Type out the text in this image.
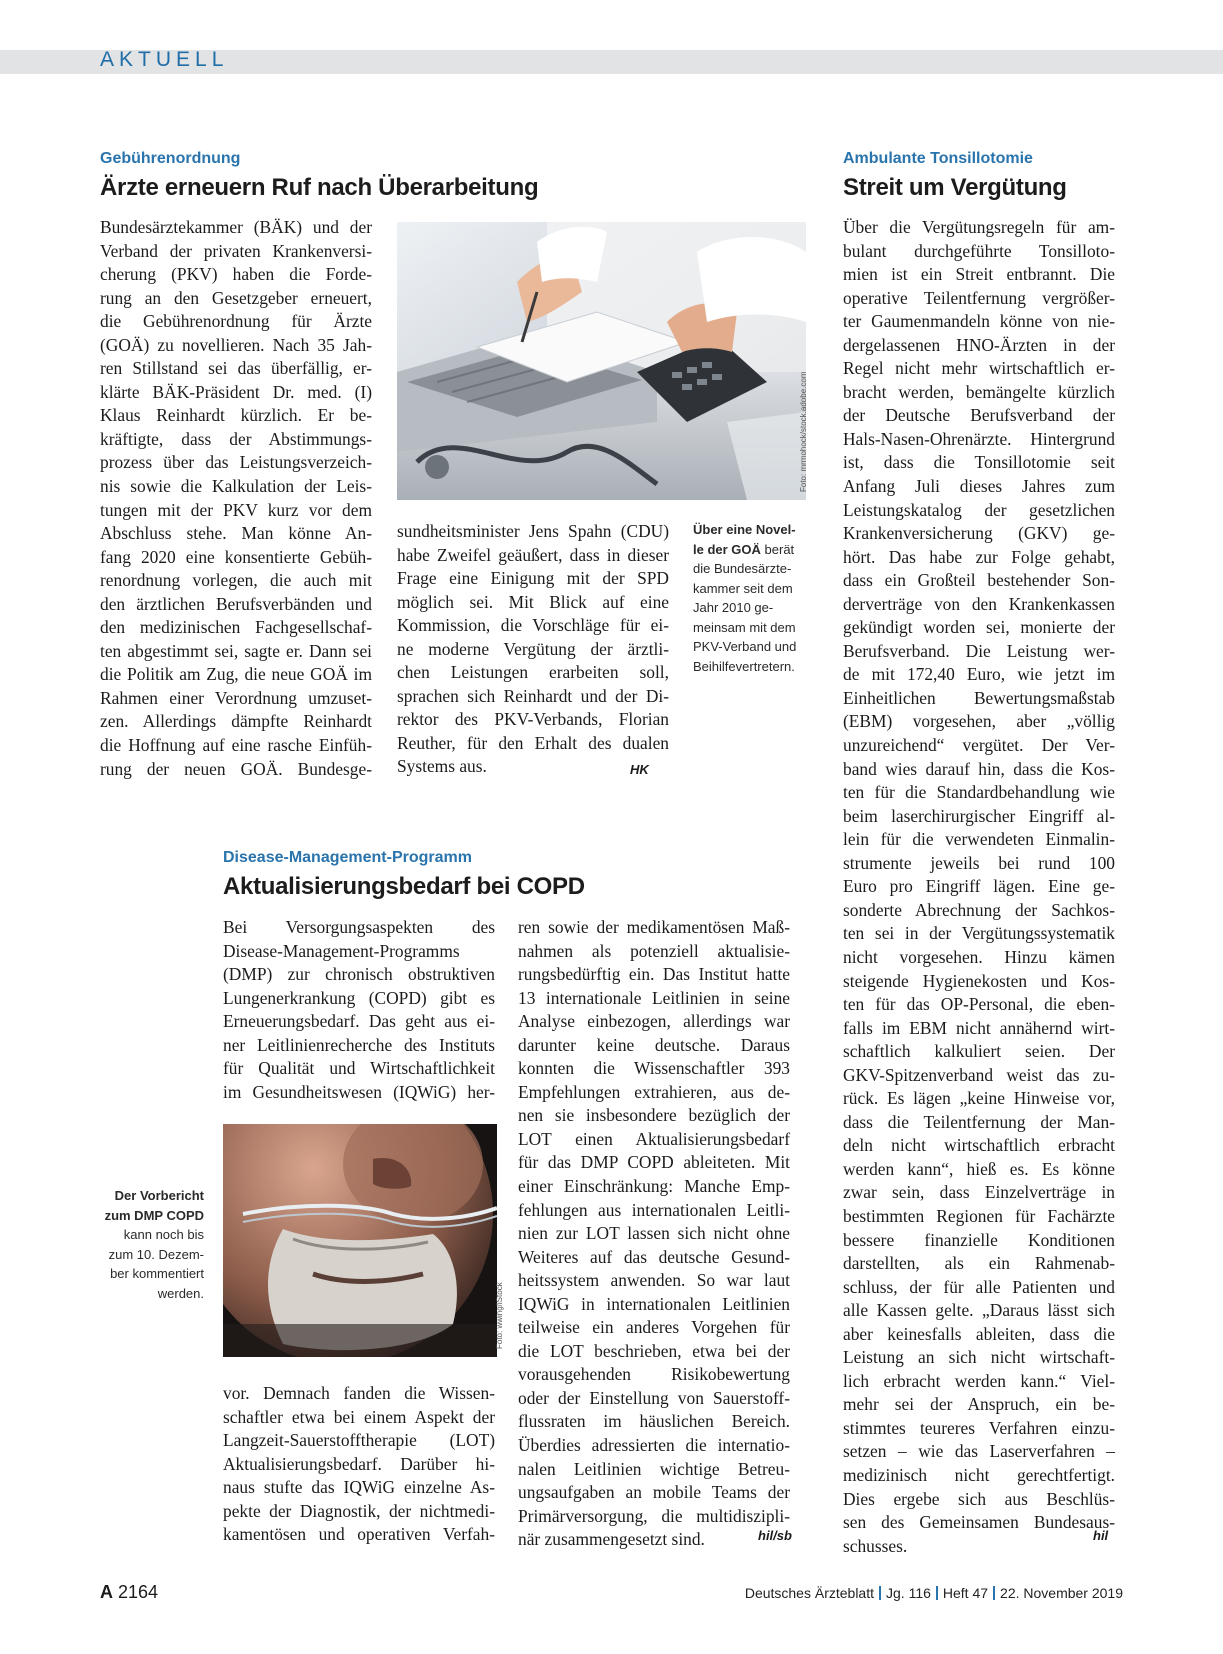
AKTUELL
Gebührenordnung
Ärzte erneuern Ruf nach Überarbeitung
Bundesärztekammer (BÄK) und der
Verband der privaten Krankenversi-
cherung (PKV) haben die Forde-
rung an den Gesetzgeber erneuert,
die Gebührenordnung für Ärzte
(GOÄ) zu novellieren. Nach 35 Jah-
ren Stillstand sei das überfällig, er-
klärte BÄK-Präsident Dr. med. (I)
Klaus Reinhardt kürzlich. Er be-
kräftigte, dass der Abstimmungs-
prozess über das Leistungsverzeich-
nis sowie die Kalkulation der Leis-
tungen mit der PKV kurz vor dem
Abschluss stehe. Man könne An-
fang 2020 eine konsentierte Gebüh-
renordnung vorlegen, die auch mit
den ärztlichen Berufsverbänden und
den medizinischen Fachgesellschaf-
ten abgestimmt sei, sagte er. Dann sei
die Politik am Zug, die neue GOÄ im
Rahmen einer Verordnung umzuset-
zen. Allerdings dämpfte Reinhardt
die Hoffnung auf eine rasche Einfüh-
rung der neuen GOÄ. Bundesge-
Foto: mrmohock/stock.adobe.com
sundheitsminister Jens Spahn (CDU)
habe Zweifel geäußert, dass in dieser
Frage eine Einigung mit der SPD
möglich sei. Mit Blick auf eine
Kommission, die Vorschläge für ei-
ne moderne Vergütung der ärztli-
chen Leistungen erarbeiten soll,
sprachen sich Reinhardt und der Di-
rektor des PKV-Verbands, Florian
Reuther, für den Erhalt des dualen
Systems aus.	HK
Über eine Novel-
le der GOÄ berät
die Bundesärzte-
kammer seit dem
Jahr 2010 ge-
meinsam mit dem
PKV-Verband und
Beihilfevertretern.
Ambulante Tonsillotomie
Streit um Vergütung
Über die Vergütungsregeln für am-
bulant durchgeführte Tonsilloto-
mien ist ein Streit entbrannt. Die
operative Teilentfernung vergrößer-
ter Gaumenmandeln könne von nie-
dergelassenen HNO-Ärzten in der
Regel nicht mehr wirtschaftlich er-
bracht werden, bemängelte kürzlich
der Deutsche Berufsverband der
Hals-Nasen-Ohrenärzte. Hintergrund
ist, dass die Tonsillotomie seit
Anfang Juli dieses Jahres zum
Leistungskatalog der gesetzlichen
Krankenversicherung (GKV) ge-
hört. Das habe zur Folge gehabt,
dass ein Großteil bestehender Son-
derverträge von den Krankenkassen
gekündigt worden sei, monierte der
Berufsverband. Die Leistung wer-
de mit 172,40 Euro, wie jetzt im
Einheitlichen Bewertungsmaßstab
(EBM) vorgesehen, aber „völlig
unzureichend“ vergütet. Der Ver-
band wies darauf hin, dass die Kos-
ten für die Standardbehandlung wie
beim laserchirurgischer Eingriff al-
lein für die verwendeten Einmalin-
strumente jeweils bei rund 100
Euro pro Eingriff lägen. Eine ge-
sonderte Abrechnung der Sachkos-
ten sei in der Vergütungssystematik
nicht vorgesehen. Hinzu kämen
steigende Hygienekosten und Kos-
ten für das OP-Personal, die eben-
falls im EBM nicht annähernd wirt-
schaftlich kalkuliert seien. Der
GKV-Spitzenverband weist das zu-
rück. Es lägen „keine Hinweise vor,
dass die Teilentfernung der Man-
deln nicht wirtschaftlich erbracht
werden kann“, hieß es. Es könne
zwar sein, dass Einzelverträge in
bestimmten Regionen für Fachärzte
bessere finanzielle Konditionen
darstellten, als ein Rahmenab-
schluss, der für alle Patienten und
alle Kassen gelte. „Daraus lässt sich
aber keinesfalls ableiten, dass die
Leistung an sich nicht wirtschaft-
lich erbracht werden kann.“ Viel-
mehr sei der Anspruch, ein be-
stimmtes teureres Verfahren einzu-
setzen – wie das Laserverfahren –
medizinisch nicht gerechtfertigt.
Dies ergebe sich aus Beschlüs-
sen des Gemeinsamen Bundesaus-
schusses.
hil
Disease-Management-Programm
Aktualisierungsbedarf bei COPD
Bei Versorgungsaspekten des
Disease-Management-Programms
(DMP) zur chronisch obstruktiven
Lungenerkrankung (COPD) gibt es
Erneuerungsbedarf. Das geht aus ei-
ner Leitlinienrecherche des Instituts
für Qualität und Wirtschaftlichkeit
im Gesundheitswesen (IQWiG) her-
Foto: wwing/iStock
vor. Demnach fanden die Wissen-
schaftler etwa bei einem Aspekt der
Langzeit-Sauerstofftherapie (LOT)
Aktualisierungsbedarf. Darüber hi-
naus stufte das IQWiG einzelne As-
pekte der Diagnostik, der nichtmedi-
kamentösen und operativen Verfah-
ren sowie der medikamentösen Maß-
nahmen als potenziell aktualisie-
rungsbedürftig ein. Das Institut hatte
13 internationale Leitlinien in seine
Analyse einbezogen, allerdings war
darunter keine deutsche. Daraus
konnten die Wissenschaftler 393
Empfehlungen extrahieren, aus de-
nen sie insbesondere bezüglich der
LOT einen Aktualisierungsbedarf
für das DMP COPD ableiteten. Mit
einer Einschränkung: Manche Emp-
fehlungen aus internationalen Leitli-
nien zur LOT lassen sich nicht ohne
Weiteres auf das deutsche Gesund-
heitssystem anwenden. So war laut
IQWiG in internationalen Leitlinien
teilweise ein anderes Vorgehen für
die LOT beschrieben, etwa bei der
vorausgehenden Risikobewertung
oder der Einstellung von Sauerstoff-
flussraten im häuslichen Bereich.
Überdies adressierten die internatio-
nalen Leitlinien wichtige Betreu-
ungsaufgaben an mobile Teams der
Primärversorgung, die multidiszipli-
när zusammengesetzt sind.	hil/sb
Der Vorbericht
zum DMP COPD
kann noch bis
zum 10. Dezem-
ber kommentiert
werden.
A 2164	Deutsches Ärzteblatt Jg. 116 Heft 47 22. November 2019
